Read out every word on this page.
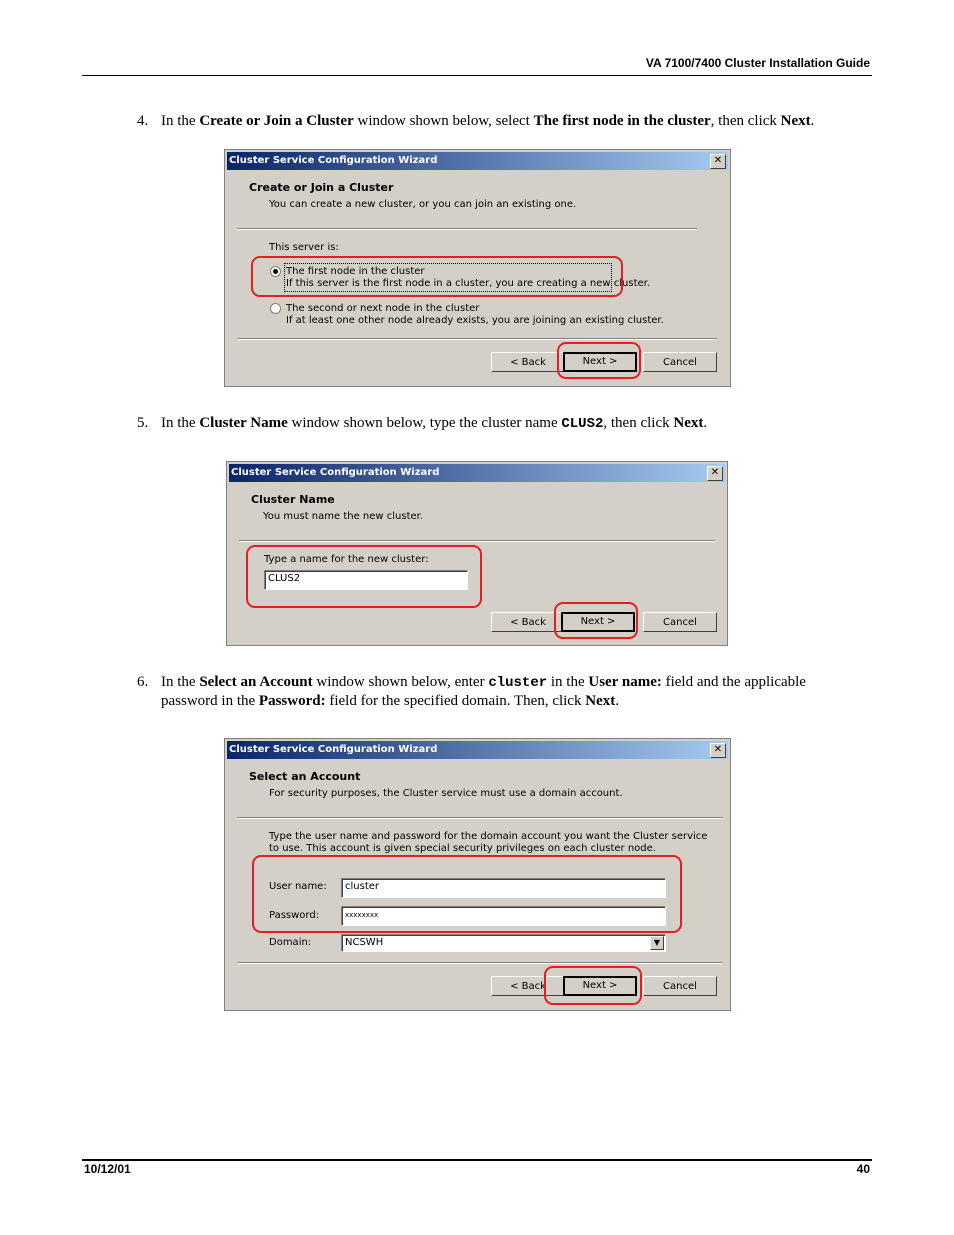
VA 7100/7400 Cluster Installation Guide
4. In the Create or Join a Cluster window shown below, select The first node in the cluster, then click Next.
Cluster Service Configuration Wizard	✕
Create or Join a Cluster
You can create a new cluster, or you can join an existing one.
This server is:
The first node in the cluster
If this server is the first node in a cluster, you are creating a new cluster.
The second or next node in the cluster
If at least one other node already exists, you are joining an existing cluster.
< Back	Next >	Cancel
5. In the Cluster Name window shown below, type the cluster name CLUS2, then click Next.
Cluster Service Configuration Wizard	✕
Cluster Name
You must name the new cluster.
Type a name for the new cluster:
CLUS2
< Back	Next >	Cancel
6. In the Select an Account window shown below, enter cluster in the User name: field and the applicable password in the Password: field for the specified domain. Then, click Next.
Cluster Service Configuration Wizard	✕
Select an Account
For security purposes, the Cluster service must use a domain account.
Type the user name and password for the domain account you want the Cluster service
to use. This account is given special security privileges on each cluster node.
User name:	cluster
Password:	xxxxxxxx
Domain:	NCSWH	▼
< Back	Next >	Cancel
10/12/01	40
